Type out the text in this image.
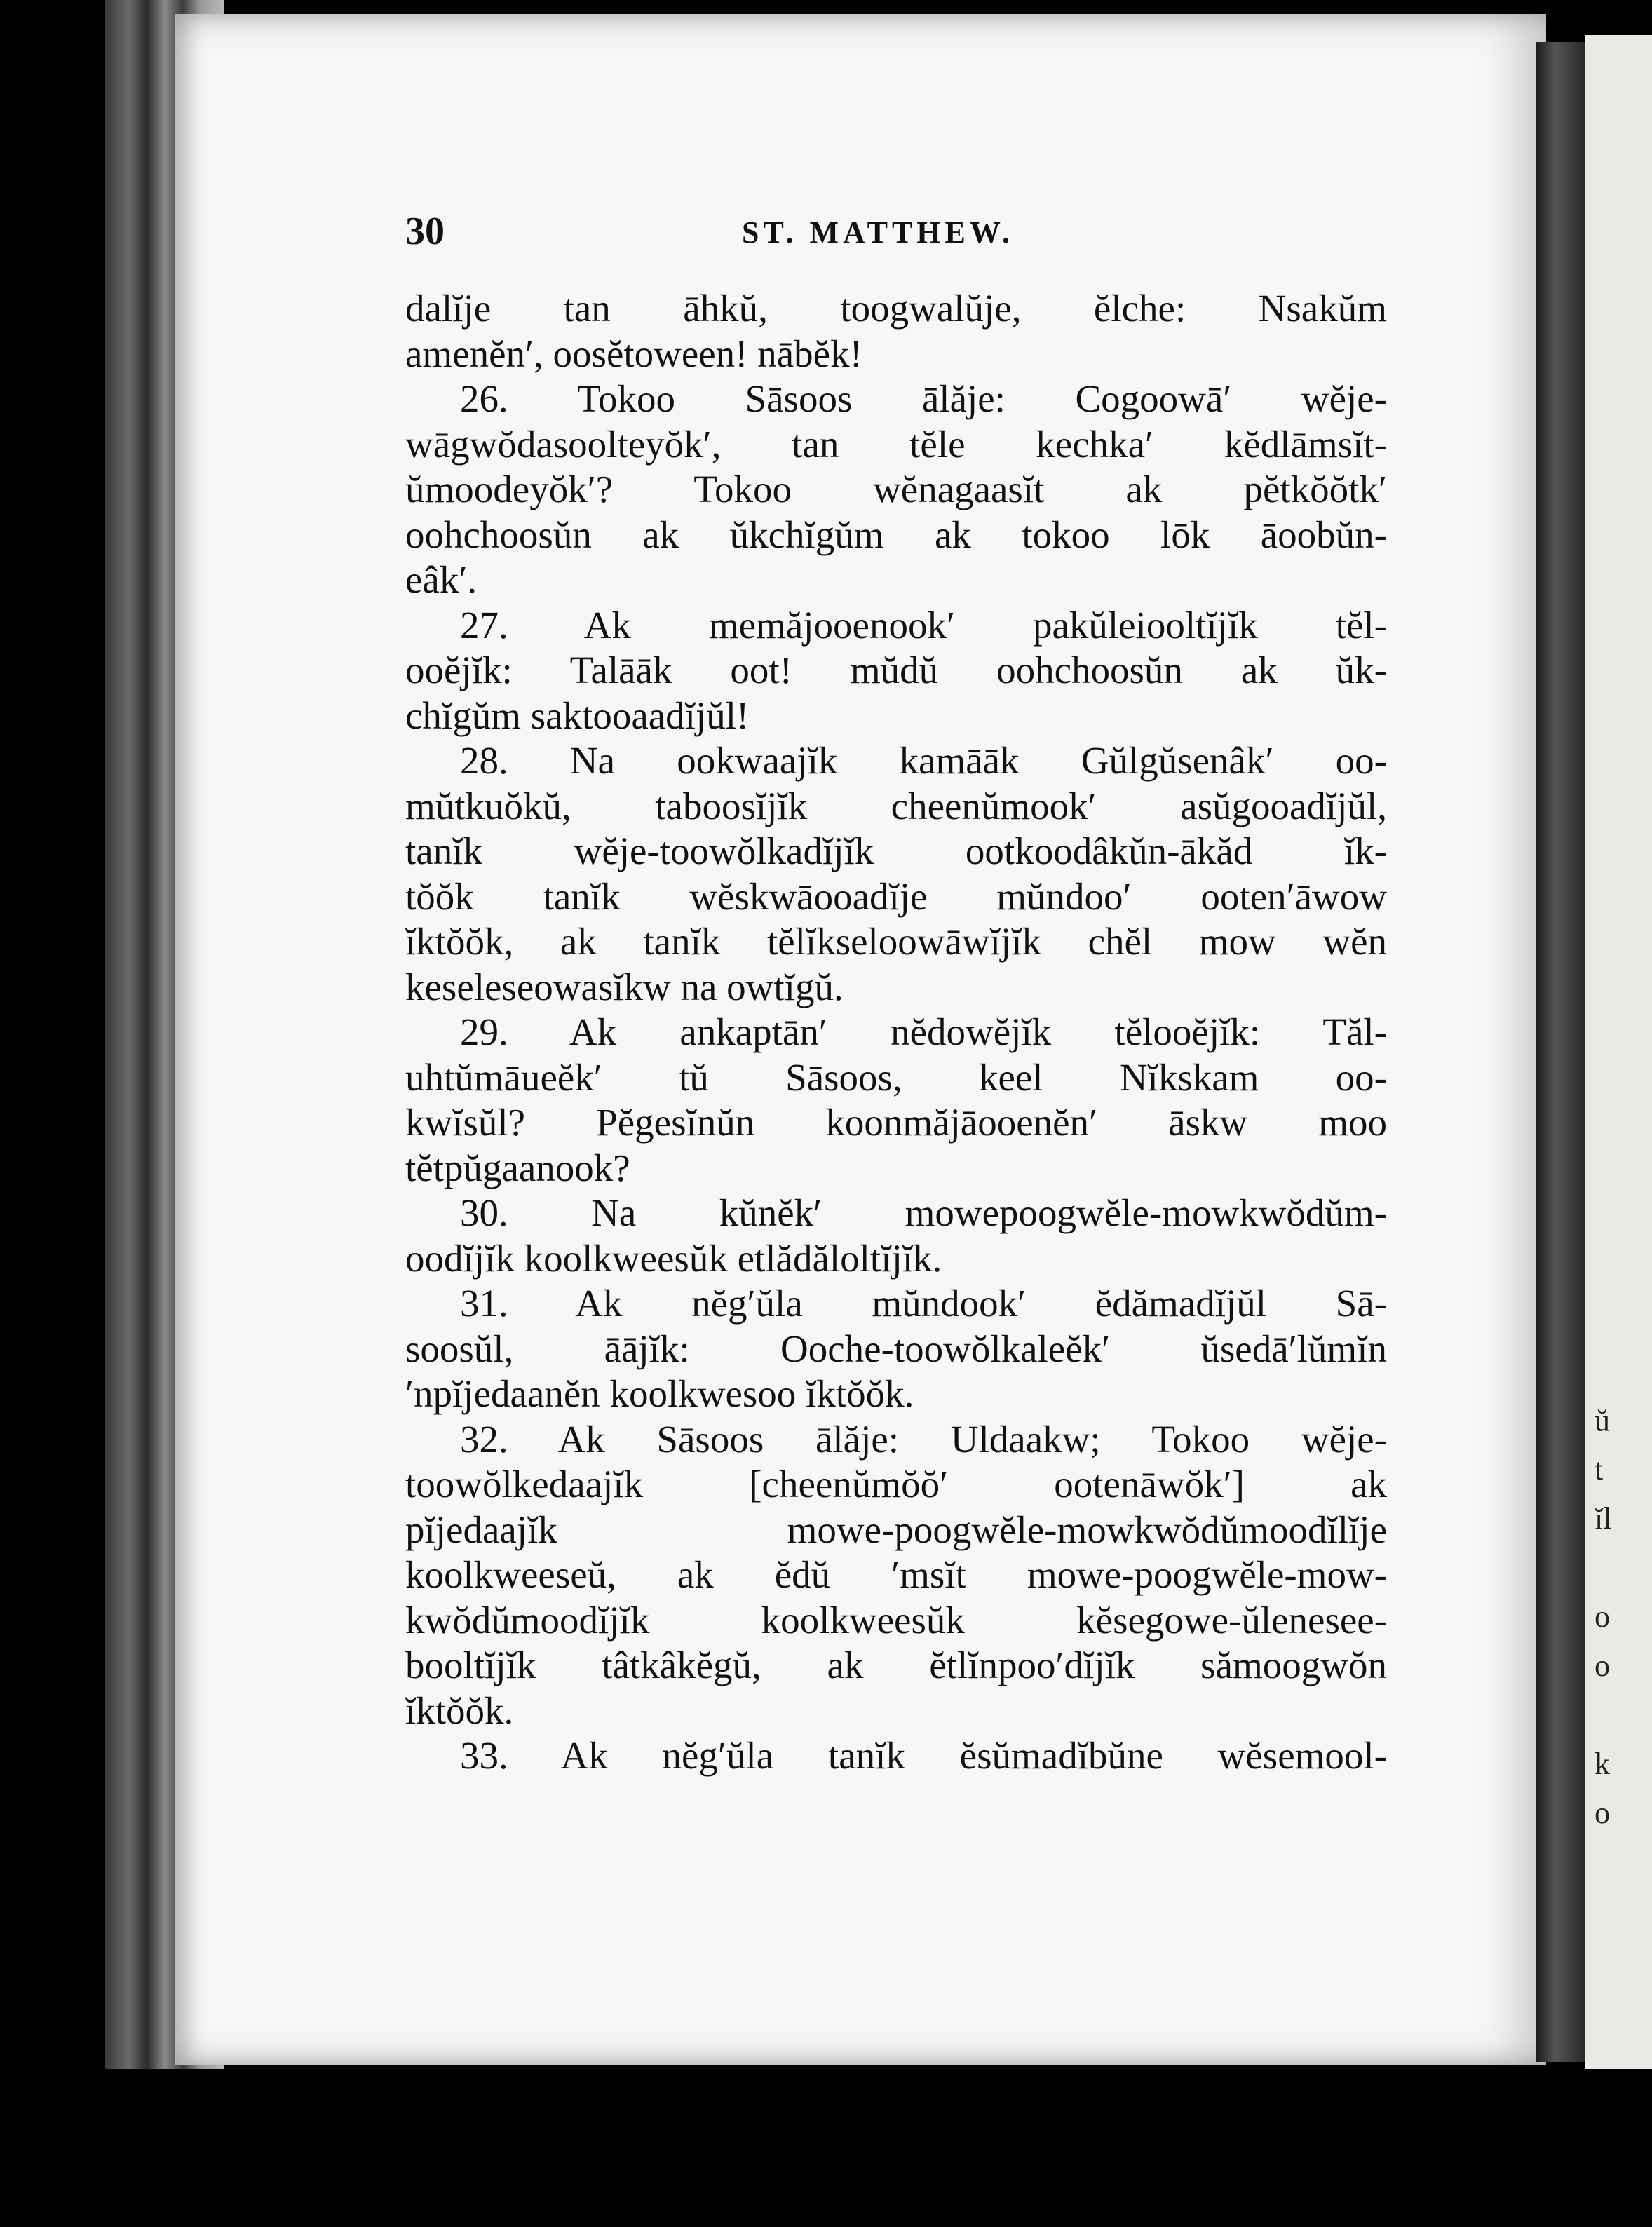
ŭ
t
ĭl
o
o
k
o
30	ST. MATTHEW.
dalĭje tan āhkŭ, toogwalŭje, ĕlche: Nsakŭm
amenĕn′, oosĕtoween! nābĕk!
26. Tokoo Sāsoos ālăje: Cogoowā′ wĕje-
wāgwŏdasoolteyŏk′, tan tĕle kechka′ kĕdlāmsĭt-
ŭmoodeyŏk′? Tokoo wĕnagaasĭt ak pĕtkŏŏtk′
oohchoosŭn ak ŭkchĭgŭm ak tokoo lōk āoobŭn-
eâk′.
27. Ak memăjooenook′ pakŭleiooltĭjĭk tĕl-
ooĕjĭk: Talāāk oot! mŭdŭ oohchoosŭn ak ŭk-
chĭgŭm saktooaadĭjŭl!
28. Na ookwaajĭk kamāāk Gŭlgŭsenâk′ oo-
mŭtkuŏkŭ, taboosĭjĭk cheenŭmook′ asŭgooadĭjŭl,
tanĭk wĕje-toowŏlkadĭjĭk ootkoodâkŭn-ākăd ĭk-
tŏŏk tanĭk wĕskwāooadĭje mŭndoo′ ooten′āwow
ĭktŏŏk, ak tanĭk tĕlĭkseloowāwĭjĭk chĕl mow wĕn
keseleseowasĭkw na owtĭgŭ.
29. Ak ankaptān′ nĕdowĕjĭk tĕlooĕjĭk: Tăl-
uhtŭmāueĕk′ tŭ Sāsoos, keel Nĭkskam oo-
kwĭsŭl? Pĕgesĭnŭn koonmăjāooenĕn′ āskw moo
tĕtpŭgaanook?
30. Na kŭnĕk′ mowepoogwĕle-mowkwŏdŭm-
oodĭjĭk koolkweesŭk etlădăloltĭjĭk.
31. Ak nĕg′ŭla mŭndook′ ĕdămadĭjŭl Sā-
soosŭl, āājĭk: Ooche-toowŏlkaleĕk′ ŭsedā′lŭmĭn
′npĭjedaanĕn koolkwesoo ĭktŏŏk.
32. Ak Sāsoos ālăje: Uldaakw; Tokoo wĕje-
toowŏlkedaajĭk [cheenŭmŏŏ′ ootenāwŏk′] ak
pĭjedaajĭk mowe-poogwĕle-mowkwŏdŭmoodĭlĭje
koolkweeseŭ, ak ĕdŭ ′msĭt mowe-poogwĕle-mow-
kwŏdŭmoodĭjĭk koolkweesŭk kĕsegowe-ŭlenesee-
booltĭjĭk tâtkâkĕgŭ, ak ĕtlĭnpoo′dĭjĭk sămoogwŏn
ĭktŏŏk.
33. Ak nĕg′ŭla tanĭk ĕsŭmadĭbŭne wĕsemool-
